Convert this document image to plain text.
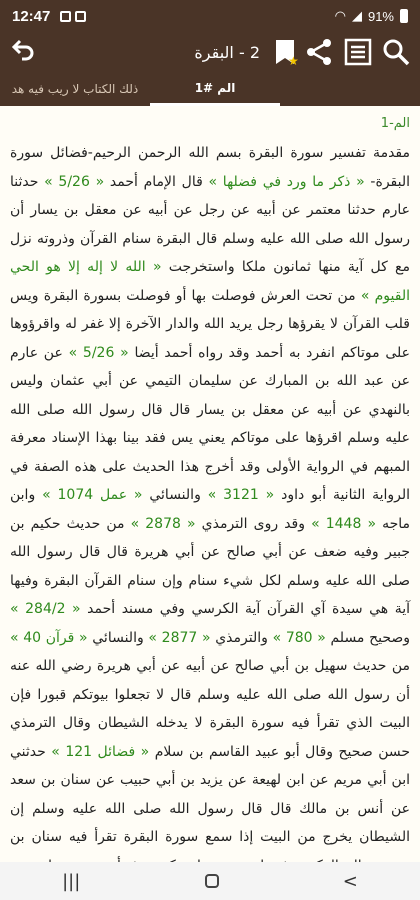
12:47	◠ ◢ 91%
2 - البقرة ★
ذلك الكتاب لا ريب فيه هد	الم #1
الم-1
مقدمة تفسير سورة البقرة بسم الله الرحمن الرحيم-فضائل سورة البقرة- « ذكر ما ورد في فضلها » قال الإمام أحمد « 5/26 » حدثنا عارم حدثنا معتمر عن أبيه عن رجل عن أبيه عن معقل بن يسار أن رسول الله صلى الله عليه وسلم قال البقرة سنام القرآن وذروته نزل مع كل آية منها ثمانون ملكا واستخرجت « الله لا إله إلا هو الحي القيوم » من تحت العرش فوصلت بها أو فوصلت بسورة البقرة ويس قلب القرآن لا يقرؤها رجل يريد الله والدار الآخرة إلا غفر له واقرؤوها على موتاكم انفرد به أحمد وقد رواه أحمد أيضا « 5/26 » عن عارم عن عبد الله بن المبارك عن سليمان التيمي عن أبي عثمان وليس بالنهدي عن أبيه عن معقل بن يسار قال قال رسول الله صلى الله عليه وسلم اقرؤها على موتاكم يعني يس فقد بينا بهذا الإسناد معرفة المبهم في الرواية الأولى وقد أخرج هذا الحديث على هذه الصفة في الرواية الثانية أبو داود « 3121 » والنسائي « عمل 1074 » وابن ماجه « 1448 » وقد روى الترمذي « 2878 » من حديث حكيم بن جبير وفيه ضعف عن أبي صالح عن أبي هريرة قال قال رسول الله صلى الله عليه وسلم لكل شيء سنام وإن سنام القرآن البقرة وفيها آية هي سيدة آي القرآن آية الكرسي وفي مسند أحمد « 284/2 » وصحيح مسلم « 780 » والترمذي « 2877 » والنسائي « قرآن 40 » من حديث سهيل بن أبي صالح عن أبيه عن أبي هريرة رضي الله عنه أن رسول الله صلى الله عليه وسلم قال لا تجعلوا بيوتكم قبورا فإن البيت الذي تقرأ فيه سورة البقرة لا يدخله الشيطان وقال الترمذي حسن صحيح وقال أبو عبيد القاسم بن سلام « فضائل 121 » حدثني ابن أبي مريم عن ابن لهيعة عن يزيد بن أبي حبيب عن سنان بن سعد عن أنس بن مالك قال قال رسول الله صلى الله عليه وسلم إن الشيطان يخرج من البيت إذا سمع سورة البقرة تقرأ فيه سنان بن
|||	<
